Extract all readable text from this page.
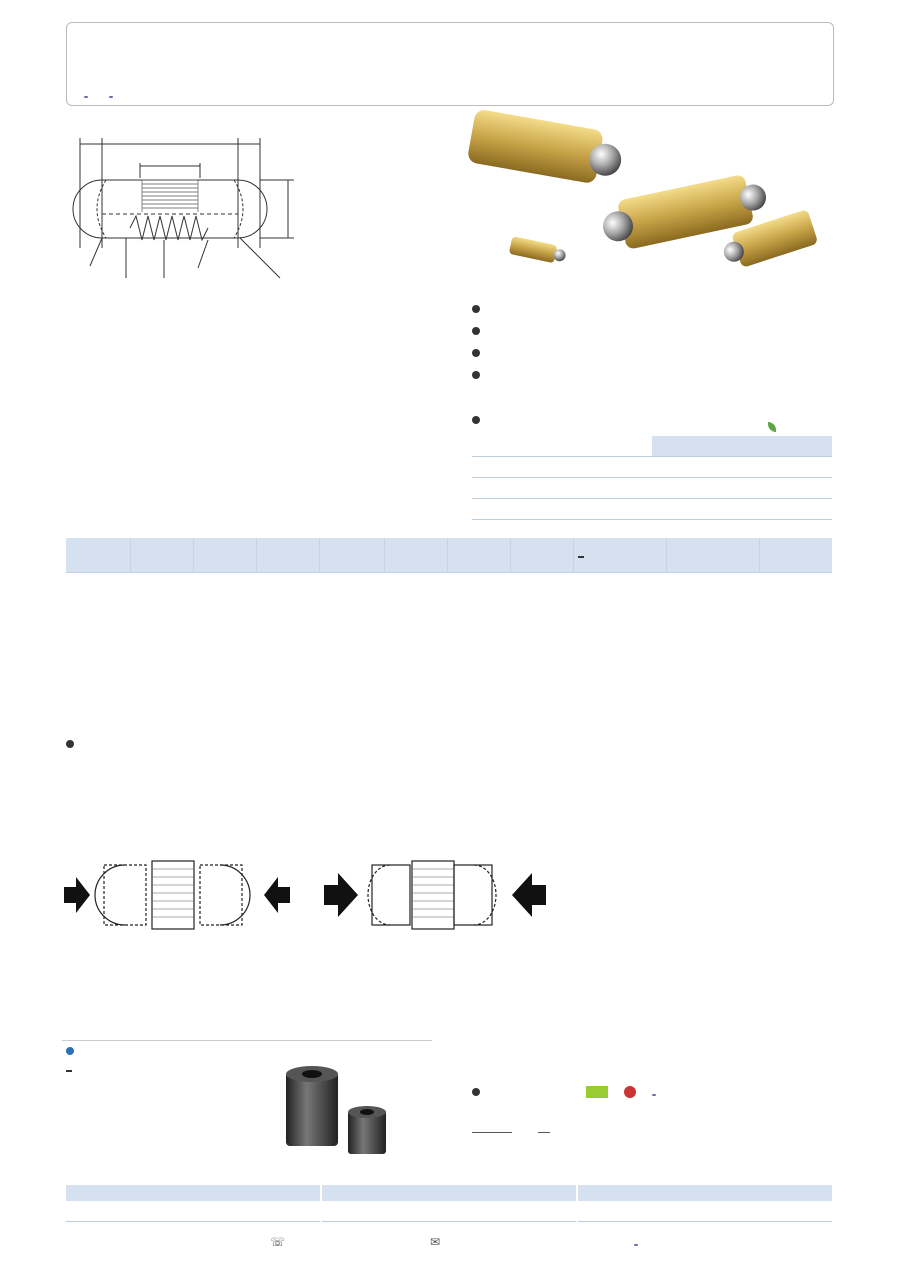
☏	✉
